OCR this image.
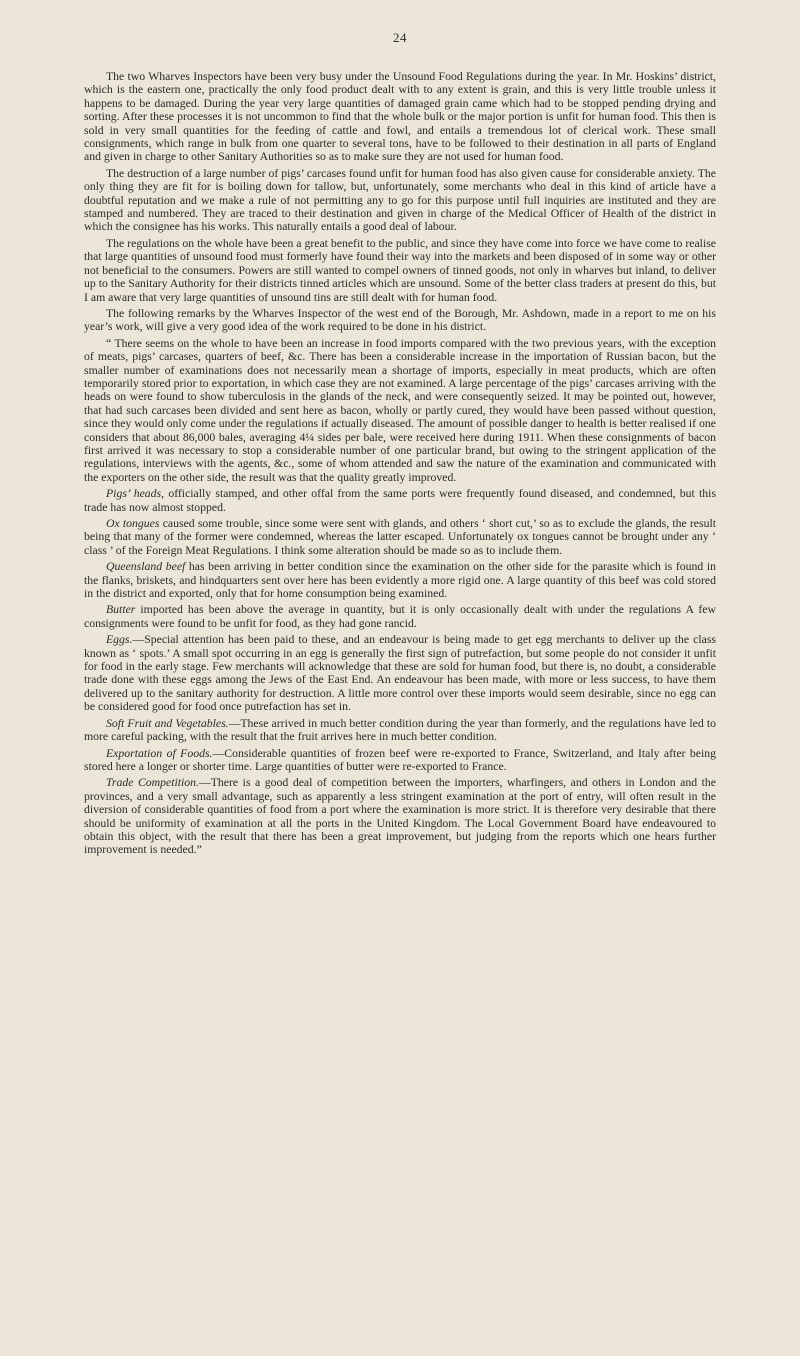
24

The two Wharves Inspectors have been very busy under the Unsound Food Regulations during the year. In Mr. Hoskins’ district, which is the eastern one, practically the only food product dealt with to any extent is grain, and this is very little trouble unless it happens to be damaged. During the year very large quantities of damaged grain came which had to be stopped pending drying and sorting. After these processes it is not uncommon to find that the whole bulk or the major portion is unfit for human food. This then is sold in very small quantities for the feeding of cattle and fowl, and entails a tremendous lot of clerical work. These small consignments, which range in bulk from one quarter to several tons, have to be followed to their destination in all parts of England and given in charge to other Sanitary Authorities so as to make sure they are not used for human food.

The destruction of a large number of pigs’ carcases found unfit for human food has also given cause for considerable anxiety. The only thing they are fit for is boiling down for tallow, but, unfortunately, some merchants who deal in this kind of article have a doubtful reputation and we make a rule of not permitting any to go for this purpose until full inquiries are instituted and they are stamped and numbered. They are traced to their destination and given in charge of the Medical Officer of Health of the district in which the consignee has his works. This naturally entails a good deal of labour.

The regulations on the whole have been a great benefit to the public, and since they have come into force we have come to realise that large quantities of unsound food must formerly have found their way into the markets and been disposed of in some way or other not beneficial to the consumers. Powers are still wanted to compel owners of tinned goods, not only in wharves but inland, to deliver up to the Sanitary Authority for their districts tinned articles which are unsound. Some of the better class traders at present do this, but I am aware that very large quantities of unsound tins are still dealt with for human food.

The following remarks by the Wharves Inspector of the west end of the Borough, Mr. Ashdown, made in a report to me on his year’s work, will give a very good idea of the work required to be done in his district.

“ There seems on the whole to have been an increase in food imports compared with the two previous years, with the exception of meats, pigs’ carcases, quarters of beef, &c. There has been a considerable increase in the importation of Russian bacon, but the smaller number of examinations does not necessarily mean a shortage of imports, especially in meat products, which are often temporarily stored prior to exportation, in which case they are not examined. A large percentage of the pigs’ carcases arriving with the heads on were found to show tuberculosis in the glands of the neck, and were consequently seized. It may be pointed out, however, that had such carcases been divided and sent here as bacon, wholly or partly cured, they would have been passed without question, since they would only come under the regulations if actually diseased. The amount of possible danger to health is better realised if one considers that about 86,000 bales, averaging 4¼ sides per bale, were received here during 1911. When these consignments of bacon first arrived it was necessary to stop a considerable number of one particular brand, but owing to the stringent application of the regulations, interviews with the agents, &c., some of whom attended and saw the nature of the examination and communicated with the exporters on the other side, the result was that the quality greatly improved.

Pigs’ heads, officially stamped, and other offal from the same ports were frequently found diseased, and condemned, but this trade has now almost stopped.

Ox tongues caused some trouble, since some were sent with glands, and others ‘ short cut,’ so as to exclude the glands, the result being that many of the former were condemned, whereas the latter escaped. Unfortunately ox tongues cannot be brought under any ‘ class ’ of the Foreign Meat Regulations. I think some alteration should be made so as to include them.

Queensland beef has been arriving in better condition since the examination on the other side for the parasite which is found in the flanks, briskets, and hindquarters sent over here has been evidently a more rigid one. A large quantity of this beef was cold stored in the district and exported, only that for home consumption being examined.

Butter imported has been above the average in quantity, but it is only occasionally dealt with under the regulations A few consignments were found to be unfit for food, as they had gone rancid.

Eggs.—Special attention has been paid to these, and an endeavour is being made to get egg merchants to deliver up the class known as ‘ spots.’ A small spot occurring in an egg is generally the first sign of putrefaction, but some people do not consider it unfit for food in the early stage. Few merchants will acknowledge that these are sold for human food, but there is, no doubt, a considerable trade done with these eggs among the Jews of the East End. An endeavour has been made, with more or less success, to have them delivered up to the sanitary authority for destruction. A little more control over these imports would seem desirable, since no egg can be considered good for food once putrefaction has set in.

Soft Fruit and Vegetables.—These arrived in much better condition during the year than formerly, and the regulations have led to more careful packing, with the result that the fruit arrives here in much better condition.

Exportation of Foods.—Considerable quantities of frozen beef were re-exported to France, Switzerland, and Italy after being stored here a longer or shorter time. Large quantities of butter were re-exported to France.

Trade Competition.—There is a good deal of competition between the importers, wharfingers, and others in London and the provinces, and a very small advantage, such as apparently a less stringent examination at the port of entry, will often result in the diversion of considerable quantities of food from a port where the examination is more strict. It is therefore very desirable that there should be uniformity of examination at all the ports in the United Kingdom. The Local Government Board have endeavoured to obtain this object, with the result that there has been a great improvement, but judging from the reports which one hears further improvement is needed.”
